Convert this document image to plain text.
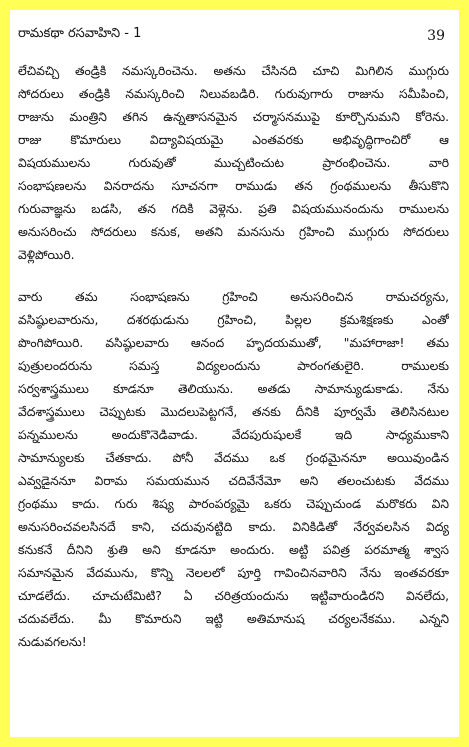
రామకథా రసవాహిని - 1	39
లేచివచ్చి తండ్రికి నమస్కరించెను. అతను చేసినది చూచి మిగిలిన ముగ్గురు
సోదరులు తండ్రికి నమస్కరించి నిలువబడిరి. గురువుగారు రాజును సమీపించి,
రాజును మంత్రిని తగిన ఉన్నతాసనమైన చర్మాసనముపై కూర్చొనుమని కోరెను.
రాజు కొమారులు విద్యావిషయమై ఎంతవరకు అభివృద్ధిగాంచిరో ఆ
విషయములను గురువుతో ముచ్చటించుట ప్రారంభించెను. వారి
సంభాషణలను వినరాదను సూచనగా రాముడు తన గ్రంథములను తీసుకొని
గురువాజ్ఞను బడసి, తన గదికి వెళ్లెను. ప్రతి విషయమునందును రాములను
అనుసరించు సోదరులు కనుక, అతని మనసును గ్రహించి ముగ్గురు సోదరులు
వెళ్లిపోయిరి.
వారు తమ సంభాషణను గ్రహించి అనుసరించిన రామచర్యను,
వసిష్ఠులవారును, దశరథుడును గ్రహించి, పిల్లల క్రమశిక్షణకు ఎంతో
పొంగిపోయిరి. వసిష్ఠులవారు ఆనంద హృదయముతో, "మహారాజా! తమ
పుత్రులందరును సమస్త విద్యలందును పారంగతులైరి. రాములకు
సర్వశాస్త్రములు కూడనూ తెలియును. అతడు సామాన్యుడుకాడు. నేను
వేదశాస్త్రములు చెప్పుటకు మొదలుపెట్టగనే, తనకు దీనికి పూర్వమే తెలిసినటుల
పన్నములను అందుకొనెడివాడు. వేదపురుషులకే ఇది సాధ్యముకాని
సామాన్యులకు చేతకాదు. పోనీ వేదము ఒక గ్రంథమైననూ అయివుండిన
ఎవ్వడైననూ విరామ సమయమున చదివేనేమో అని తలంచుటకు వేదము
గ్రంథము కాదు. గురు శిష్య పారంపర్యమై ఒకరు చెప్పుచుండ మరొకరు విని
అనుసరించవలసినదే కాని, చదువునట్టిది కాదు. వినికిడితో నేర్వవలసిన విద్య
కనుకనే దీనిని శ్రుతి అని కూడనూ అందురు. అట్టి పవిత్ర పరమాత్మ శ్వాస
సమానమైన వేదమును, కొన్ని నెలలలో పూర్తి గావించినవారిని నేను ఇంతవరకూ
చూడలేదు. చూచుటేమిటి? ఏ చరిత్రయందును ఇట్టివారుండిరని వినలేదు,
చదువలేదు. మీ కొమారుని ఇట్టి అతిమానుష చర్యలనేకము. ఎన్నని
నుడువగలను!
